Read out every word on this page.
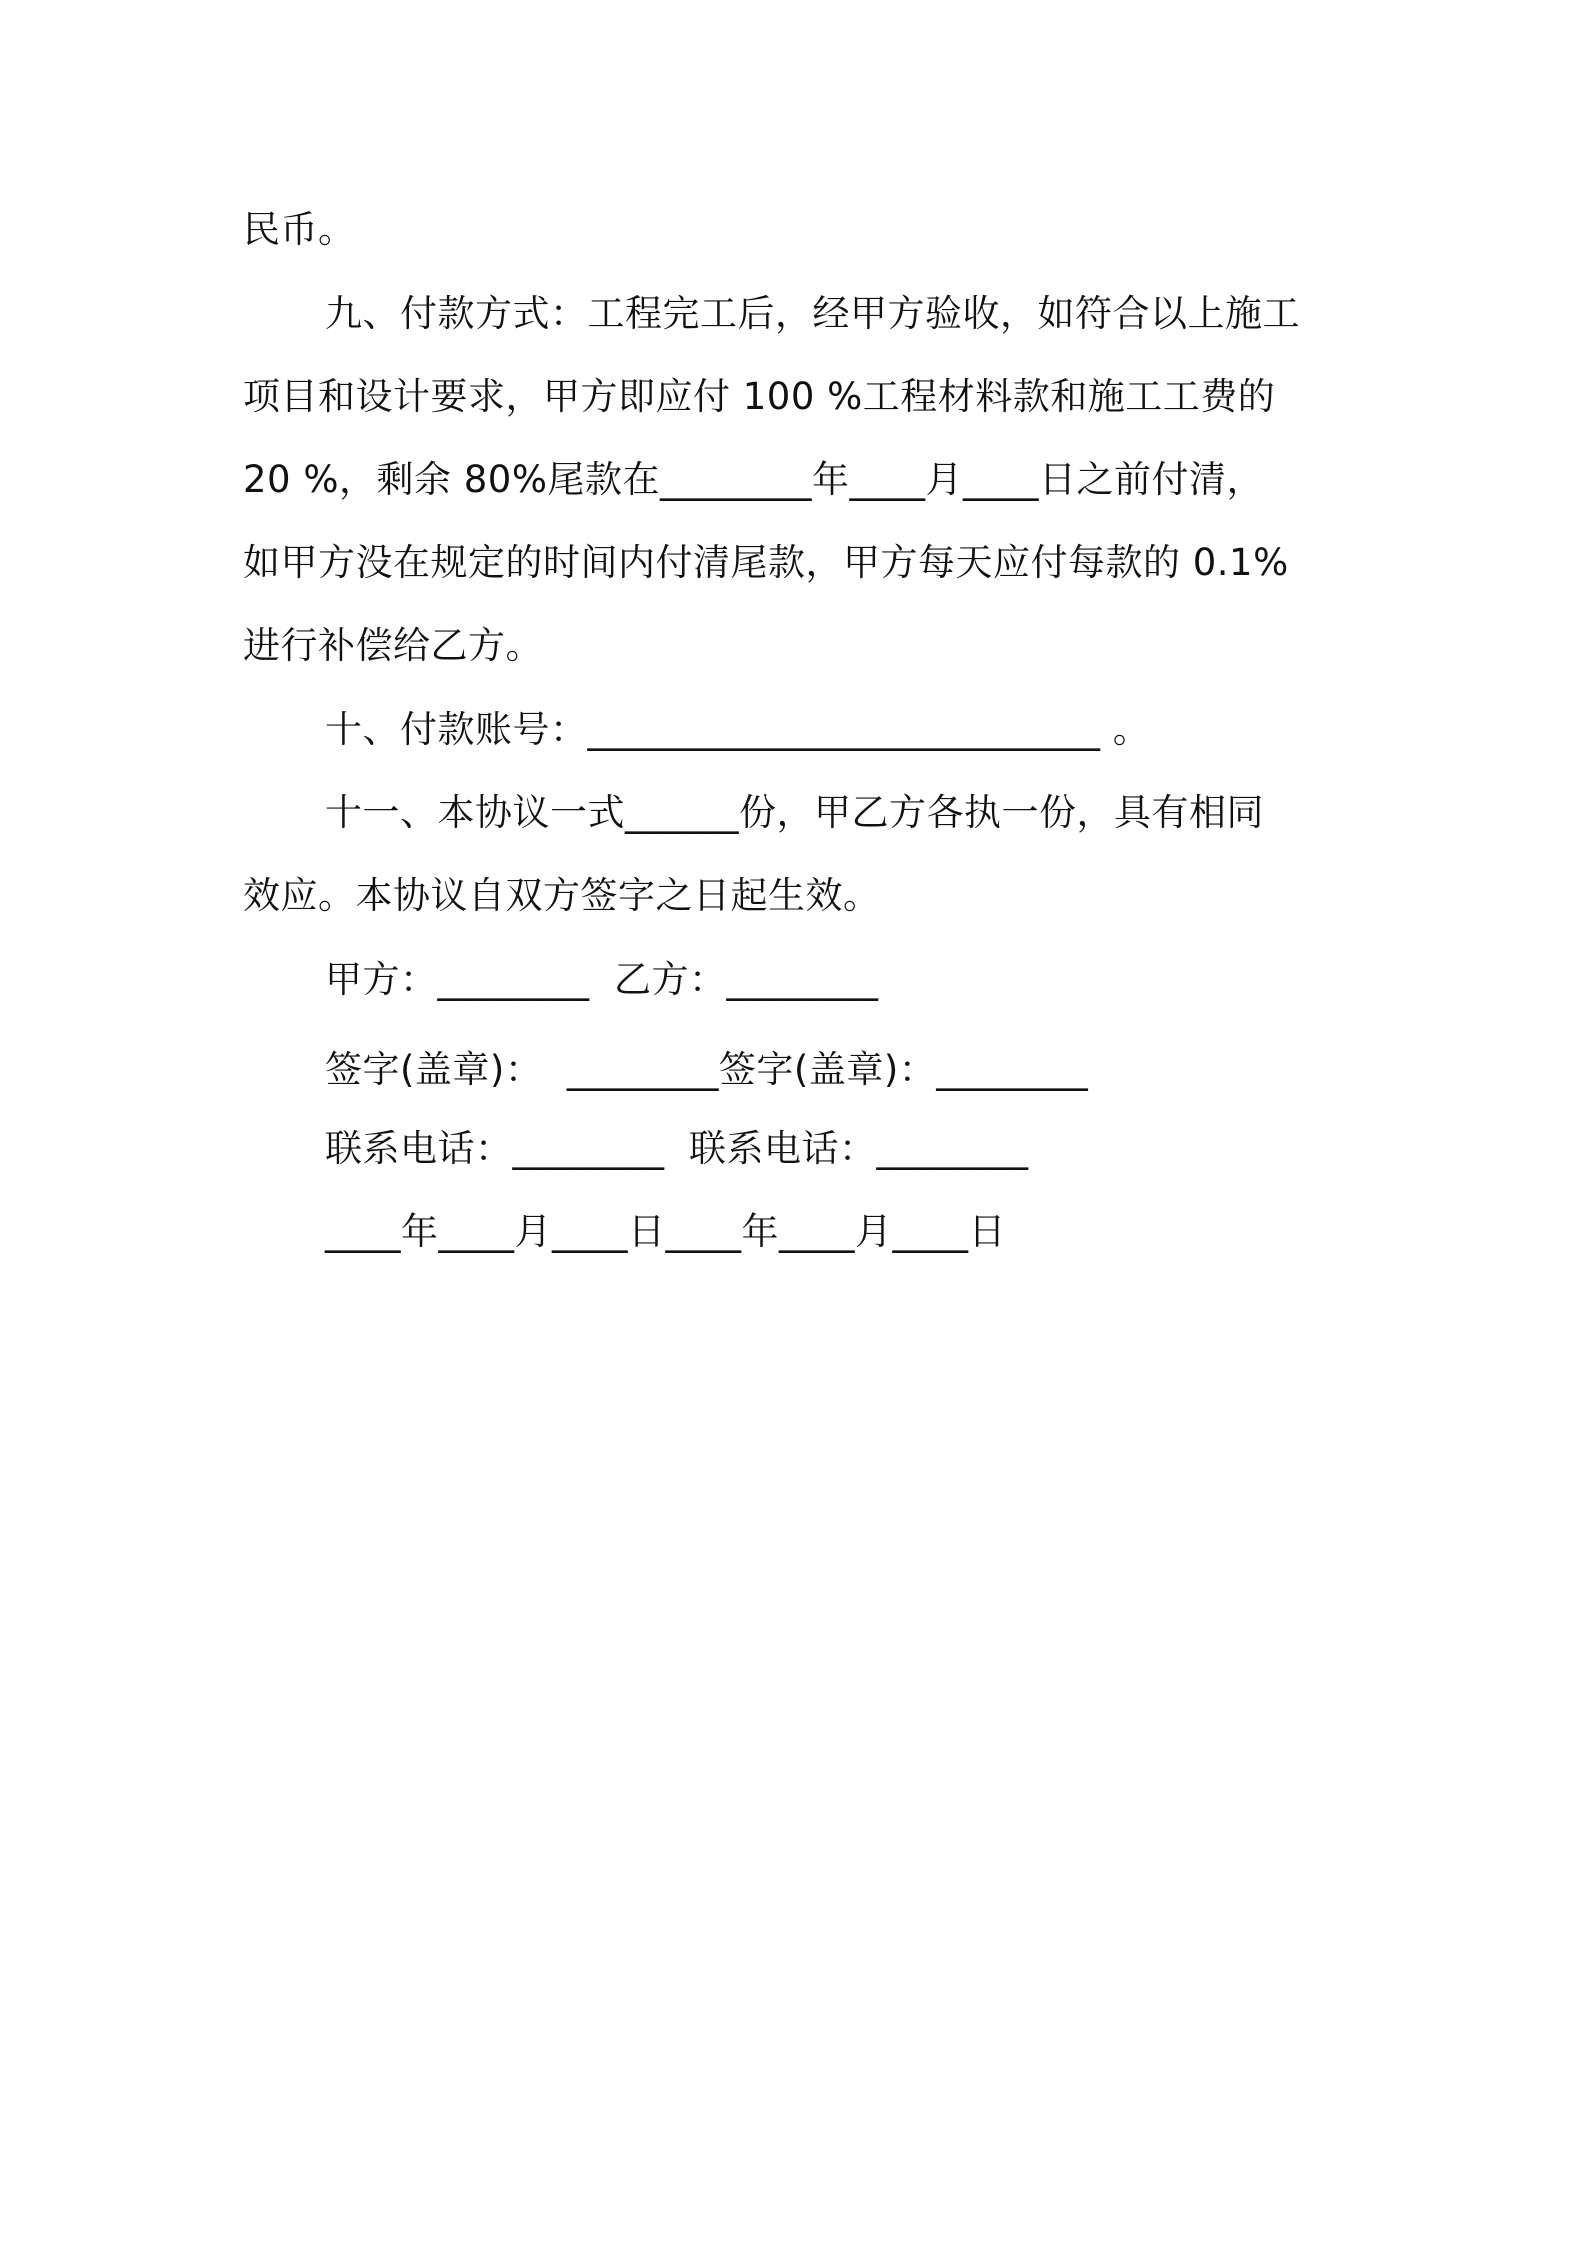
民币。
九、付款方式：工程完工后，经甲方验收，如符合以上施工
项目和设计要求，甲方即应付 100 %工程材料款和施工工费的
20 %，剩余 80%尾款在________年____月____日之前付清，
如甲方没在规定的时间内付清尾款，甲方每天应付每款的 0.1%
进行补偿给乙方。
十、付款账号：___________________________ 。
十一、本协议一式______份，甲乙方各执一份，具有相同
效应。本协议自双方签字之日起生效。
甲方：________  乙方：________
签字(盖章)：  ________签字(盖章)：________
联系电话：________  联系电话：________
____年____月____日____年____月____日
